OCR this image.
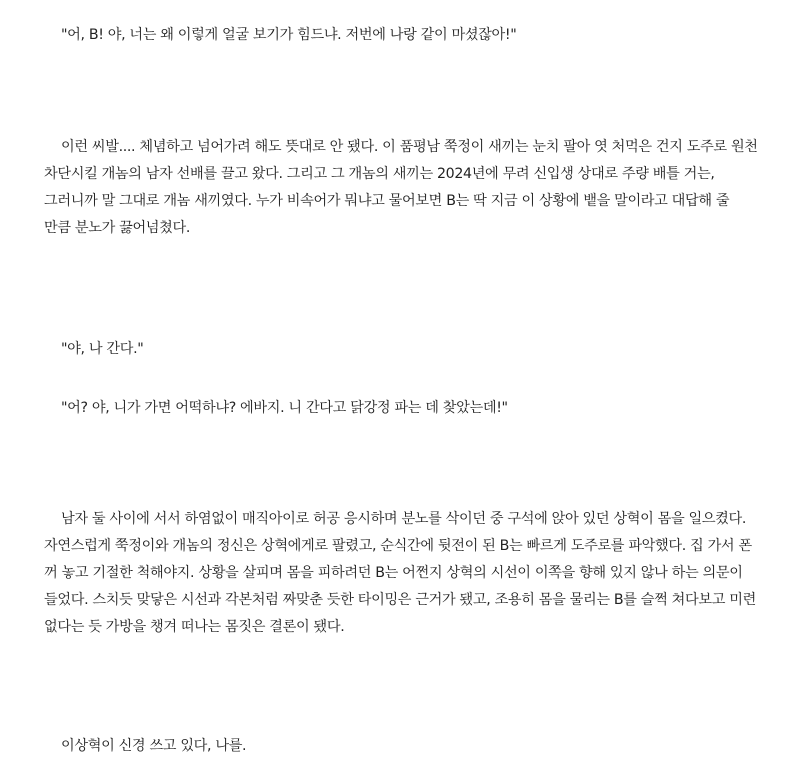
"어, B! 야, 너는 왜 이렇게 얼굴 보기가 힘드냐. 저번에 나랑 같이 마셨잖아!"

이런 씨발.... 체념하고 넘어가려 해도 뜻대로 안 됐다. 이 품평남 쭉정이 새끼는 눈치 팔아 엿 처먹은 건지 도주로 원천 차단시킬 개놈의 남자 선배를 끌고 왔다. 그리고 그 개놈의 새끼는 2024년에 무려 신입생 상대로 주량 배틀 거는, 그러니까 말 그대로 개놈 새끼였다. 누가 비속어가 뭐냐고 물어보면 B는 딱 지금 이 상황에 뱉을 말이라고 대답해 줄 만큼 분노가 끓어넘쳤다.

"야, 나 간다."

"어? 야, 니가 가면 어떡하냐? 에바지. 니 간다고 닭강정 파는 데 찾았는데!"

남자 둘 사이에 서서 하염없이 매직아이로 허공 응시하며 분노를 삭이던 중 구석에 앉아 있던 상혁이 몸을 일으켰다. 자연스럽게 쭉정이와 개놈의 정신은 상혁에게로 팔렸고, 순식간에 뒷전이 된 B는 빠르게 도주로를 파악했다. 집 가서 폰 꺼 놓고 기절한 척해야지. 상황을 살피며 몸을 피하려던 B는 어쩐지 상혁의 시선이 이쪽을 향해 있지 않나 하는 의문이 들었다. 스치듯 맞닿은 시선과 각본처럼 짜맞춘 듯한 타이밍은 근거가 됐고, 조용히 몸을 물리는 B를 슬쩍 쳐다보고 미련 없다는 듯 가방을 챙겨 떠나는 몸짓은 결론이 됐다.

이상혁이 신경 쓰고 있다, 나를.
